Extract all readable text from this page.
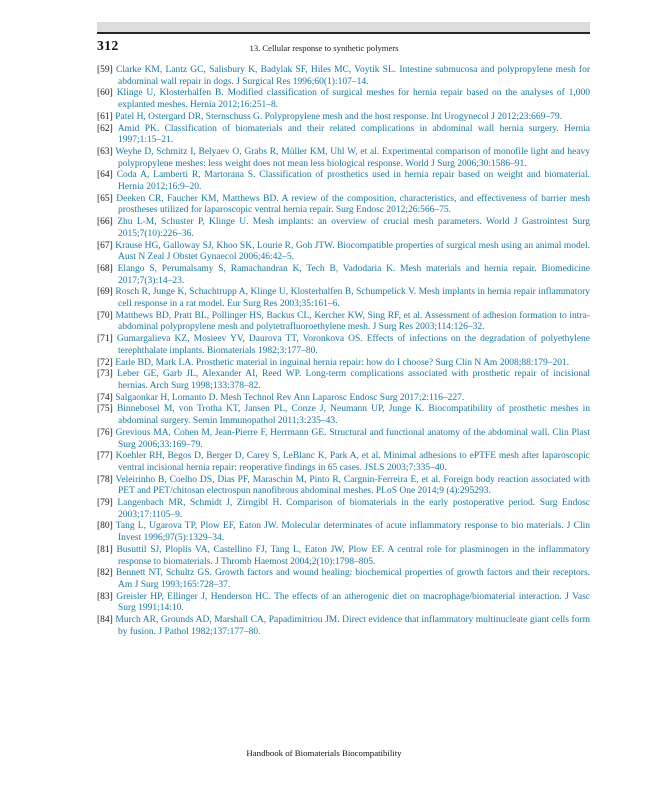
312	13. Cellular response to synthetic polymers
[59] Clarke KM, Lantz GC, Salisbury K, Badylak SF, Hiles MC, Voytik SL. Intestine submucosa and polypropylene mesh for abdominal wall repair in dogs. J Surgical Res 1996;60(1):107–14.
[60] Klinge U, Klosterhalfen B. Modified classification of surgical meshes for hernia repair based on the analyses of 1,000 explanted meshes. Hernia 2012;16:251–8.
[61] Patel H, Ostergard DR, Sternschuss G. Polypropylene mesh and the host response. Int Urogynecol J 2012;23:669–79.
[62] Amid PK. Classification of biomaterials and their related complications in abdominal wall hernia surgery. Hernia 1997;1:15–21.
[63] Weyhe D, Schmitz I, Belyaev O, Grabs R, Müller KM, Uhl W, et al. Experimental comparison of monofile light and heavy polypropylene meshes: less weight does not mean less biological response. World J Surg 2006;30:1586–91.
[64] Coda A, Lamberti R, Martorana S. Classification of prosthetics used in hernia repair based on weight and biomaterial. Hernia 2012;16:9–20.
[65] Deeken CR, Faucher KM, Matthews BD. A review of the composition, characteristics, and effectiveness of barrier mesh prostheses utilized for laparoscopic ventral hernia repair. Surg Endosc 2012;26:566–75.
[66] Zhu L-M, Schuster P, Klinge U. Mesh implants: an overview of crucial mesh parameters. World J Gastrointest Surg 2015;7(10):226–36.
[67] Krause HG, Galloway SJ, Khoo SK, Lourie R, Goh JTW. Biocompatible properties of surgical mesh using an animal model. Aust N Zeal J Obstet Gynaecol 2006;46:42–5.
[68] Elango S, Perumalsamy S, Ramachandran K, Tech B, Vadodaria K. Mesh materials and hernia repair. Biomedicine 2017;7(3):14–23.
[69] Rosch R, Junge K, Schachtrupp A, Klinge U, Klosterhalfen B, Schumpelick V. Mesh implants in hernia repair inflammatory cell response in a rat model. Eur Surg Res 2003;35:161–6.
[70] Matthews BD, Pratt BL, Pollinger HS, Backus CL, Kercher KW, Sing RF, et al. Assessment of adhesion formation to intra-abdominal polypropylene mesh and polytetrafluoroethylene mesh. J Surg Res 2003;114:126–32.
[71] Gumargalieva KZ, Mosieev YV, Daurova TT, Voronkova OS. Effects of infections on the degradation of polyethylene terephthalate implants. Biomaterials 1982;3:177–80.
[72] Earle BD, Mark LA. Prosthetic material in inguinal hernia repair: how do I choose? Surg Clin N Am 2008;88:179–201.
[73] Leber GE, Garb JL, Alexander AI, Reed WP. Long-term complications associated with prosthetic repair of incisional hernias. Arch Surg 1998;133:378–82.
[74] Salgaonkar H, Lomanto D. Mesh Technol Rev Ann Laparosc Endosc Surg 2017;2:116–227.
[75] Binnebosel M, von Trotha KT, Jansen PL, Conze J, Neumann UP, Junge K. Biocompatibility of prosthetic meshes in abdominal surgery. Semin Immunopathol 2011;3:235–43.
[76] Grevious MA, Cohen M, Jean-Pierre F, Herrmann GE. Structural and functional anatomy of the abdominal wall. Clin Plast Surg 2006;33:169–79.
[77] Koehler RH, Begos D, Berger D, Carey S, LeBlanc K, Park A, et al. Minimal adhesions to ePTFE mesh after laparoscopic ventral incisional hernia repair: reoperative findings in 65 cases. JSLS 2003;7:335–40.
[78] Veleirinho B, Coelho DS, Dias PF, Maraschin M, Pinto R, Cargnin-Ferreira E, et al. Foreign body reaction associated with PET and PET/chitosan electrospun nanofibrous abdominal meshes. PLoS One 2014;9 (4):295293.
[79] Langenbach MR, Schmidt J, Zirngibl H. Comparison of biomaterials in the early postoperative period. Surg Endosc 2003;17:1105–9.
[80] Tang L, Ugarova TP, Plow EF, Eaton JW. Molecular determinates of acute inflammatory response to bio materials. J Clin Invest 1996;97(5):1329–34.
[81] Busuttil SJ, Ploplis VA, Castellino FJ, Tang L, Eaton JW, Plow EF. A central role for plasminogen in the inflammatory response to biomaterials. J Thromb Haemost 2004;2(10):1798–805.
[82] Bennett NT, Schultz GS. Growth factors and wound healing: biochemical properties of growth factors and their receptors. Am J Surg 1993;165:728–37.
[83] Greisler HP, Ellinger J, Henderson HC. The effects of an atherogenic diet on macrophage/biomaterial interaction. J Vasc Surg 1991;14:10.
[84] Murch AR, Grounds AD, Marshall CA, Papadimitriou JM. Direct evidence that inflammatory multinucleate giant cells form by fusion. J Pathol 1982;137:177–80.
Handbook of Biomaterials Biocompatibility
